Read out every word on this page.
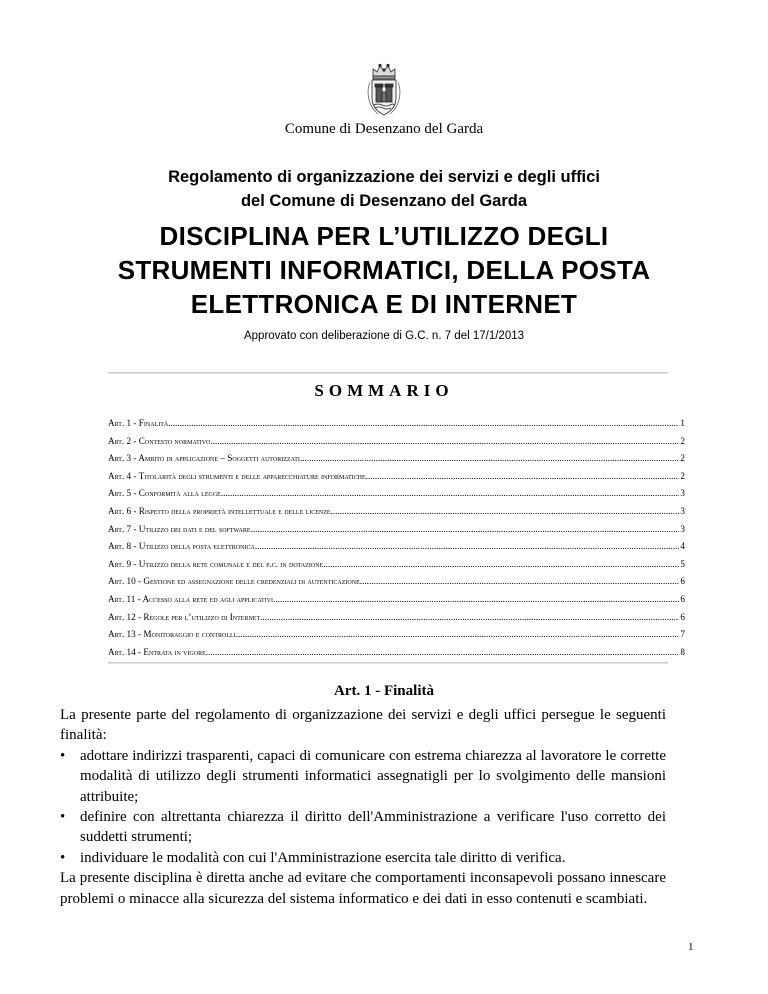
Comune di Desenzano del Garda
Regolamento di organizzazione dei servizi e degli uffici
del Comune di Desenzano del Garda
DISCIPLINA PER L’UTILIZZO DEGLI
STRUMENTI INFORMATICI, DELLA POSTA
ELETTRONICA E DI INTERNET
Approvato con deliberazione di G.C. n. 7 del 17/1/2013
SOMMARIO
Art. 1 - Finalità .....	1
Art. 2 - Contesto normativo .....	2
Art. 3 - Ambito di applicazione – Soggetti autorizzati .....	2
Art. 4 - Titolarità degli strumenti e delle apparecchiature informatiche .....	2
Art. 5 - Conformità alla legge .....	3
Art. 6 - Rispetto della proprietà intellettuale e delle licenze .....	3
Art. 7 - Utilizzo dei dati e del software .....	3
Art. 8 - Utilizzo della posta elettronica .....	4
Art. 9 - Utilizzo della rete comunale e del p.c. in dotazione .....	5
Art. 10 - Gestione ed assegnazione delle credenziali di autenticazione .....	6
Art. 11 - Accesso alla rete ed agli applicativi .....	6
Art. 12 - Regole per l’utilizzo di Internet .....	6
Art. 13 - Monitoraggio e controlli .....	7
Art. 14 - Entrata in vigore .....	8
Art. 1 - Finalità

La presente parte del regolamento di organizzazione dei servizi e degli uffici persegue le seguenti finalità:

• adottare indirizzi trasparenti, capaci di comunicare con estrema chiarezza al lavoratore le corrette modalità di utilizzo degli strumenti informatici assegnatigli per lo svolgimento delle mansioni attribuite;
• definire con altrettanta chiarezza il diritto dell'Amministrazione a verificare l'uso corretto dei suddetti strumenti;
• individuare le modalità con cui l'Amministrazione esercita tale diritto di verifica.

La presente disciplina è diretta anche ad evitare che comportamenti inconsapevoli possano innescare problemi o minacce alla sicurezza del sistema informatico e dei dati in esso contenuti e scambiati.

1
